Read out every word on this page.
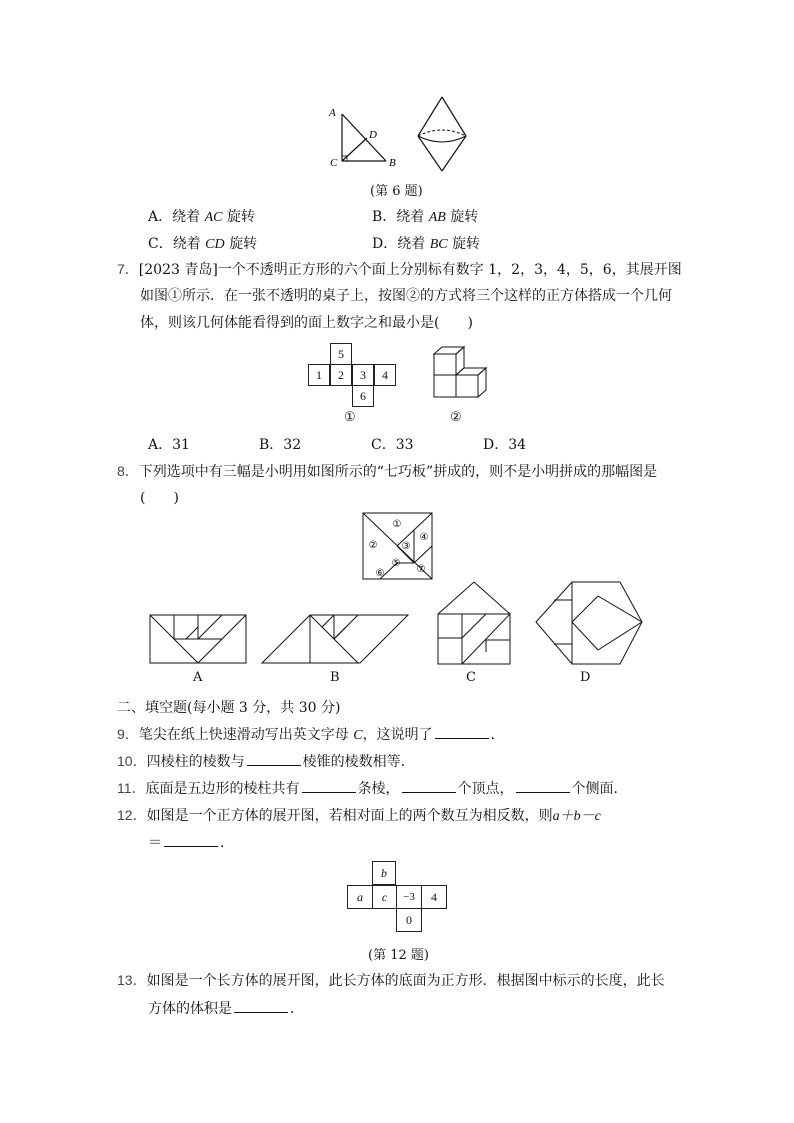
A
D
C	B
(第 6 题)
A．绕着 AC 旋转	B．绕着 AB 旋转
C．绕着 CD 旋转	D．绕着 BC 旋转
7．[2023 青岛]一个不透明正方形的六个面上分别标有数字 1，2，3，4，5，6，其展开图
如图①所示．在一张不透明的桌子上，按图②的方式将三个这样的正方体搭成一个几何
体，则该几何体能看得到的面上数字之和最小是(　　)
5
1	2	3	4
6
①	②
A．31	B．32	C．33	D．34
8．下列选项中有三幅是小明用如图所示的“七巧板”拼成的，则不是小明拼成的那幅图是
(　　)
①
② ③
④
⑤
⑥	⑦
A	B	C	D
二、填空题(每小题 3 分，共 30 分)
9．笔尖在纸上快速滑动写出英文字母 C，这说明了	．
10．四棱柱的棱数与	棱锥的棱数相等．
11．底面是五边形的棱柱共有	条棱，	个顶点，	个侧面．
12．如图是一个正方体的展开图，若相对面上的两个数互为相反数，则a＋b－c
＝	．
b
a	c	−3	4
0
(第 12 题)
13．如图是一个长方体的展开图，此长方体的底面为正方形．根据图中标示的长度，此长
方体的体积是	．
